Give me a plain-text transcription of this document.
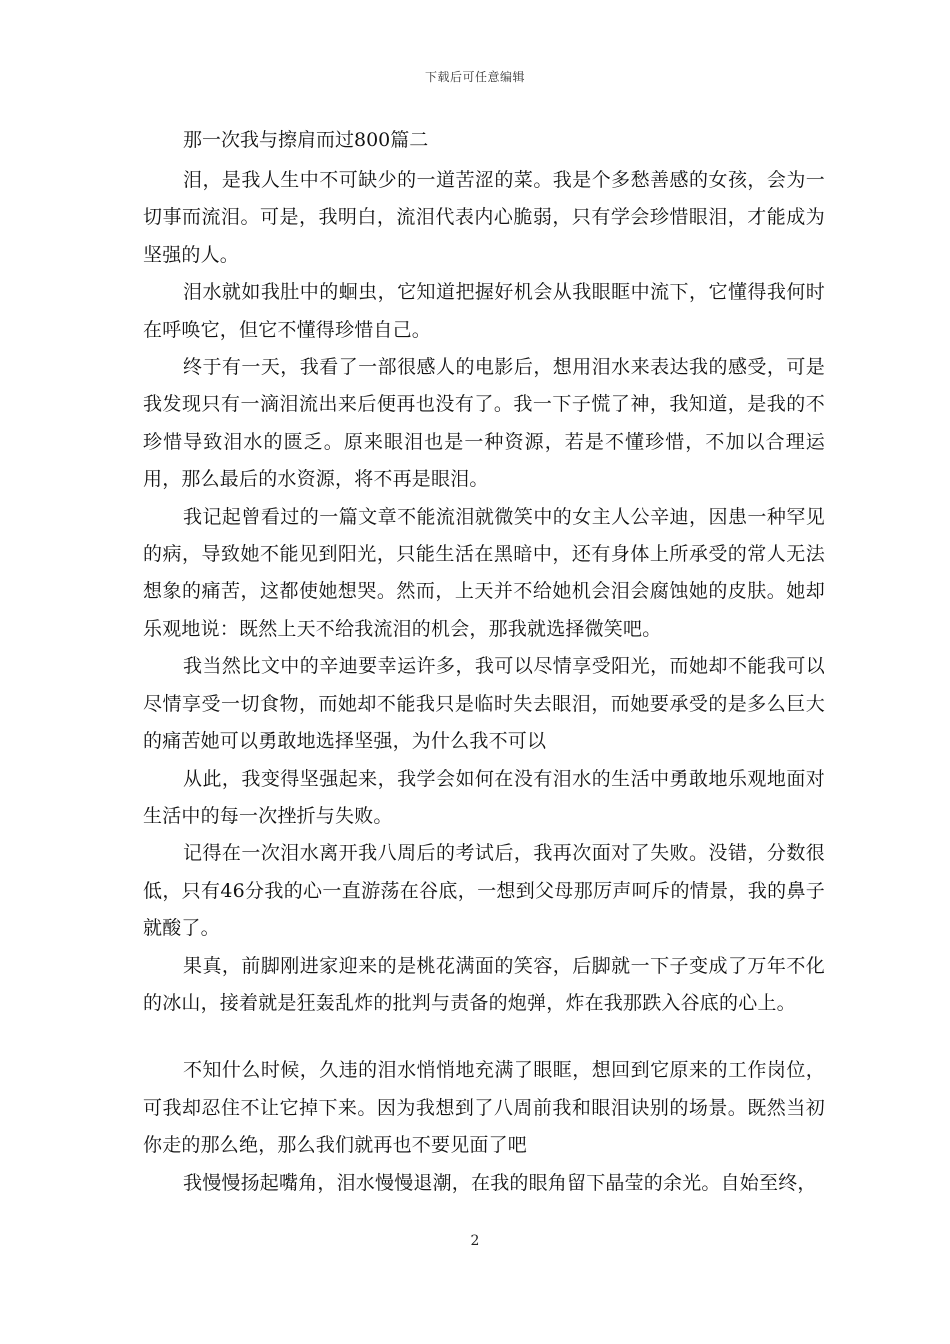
下载后可任意编辑
那一次我与擦肩而过800篇二

泪，是我人生中不可缺少的一道苦涩的菜。我是个多愁善感的女孩，会为一切事而流泪。可是，我明白，流泪代表内心脆弱，只有学会珍惜眼泪，才能成为坚强的人。

泪水就如我肚中的蛔虫，它知道把握好机会从我眼眶中流下，它懂得我何时在呼唤它，但它不懂得珍惜自己。

终于有一天，我看了一部很感人的电影后，想用泪水来表达我的感受，可是我发现只有一滴泪流出来后便再也没有了。我一下子慌了神，我知道，是我的不珍惜导致泪水的匮乏。原来眼泪也是一种资源，若是不懂珍惜，不加以合理运用，那么最后的水资源，将不再是眼泪。

我记起曾看过的一篇文章不能流泪就微笑中的女主人公辛迪，因患一种罕见的病，导致她不能见到阳光，只能生活在黑暗中，还有身体上所承受的常人无法想象的痛苦，这都使她想哭。然而，上天并不给她机会泪会腐蚀她的皮肤。她却乐观地说：既然上天不给我流泪的机会，那我就选择微笑吧。

我当然比文中的辛迪要幸运许多，我可以尽情享受阳光，而她却不能我可以尽情享受一切食物，而她却不能我只是临时失去眼泪，而她要承受的是多么巨大的痛苦她可以勇敢地选择坚强，为什么我不可以

从此，我变得坚强起来，我学会如何在没有泪水的生活中勇敢地乐观地面对生活中的每一次挫折与失败。

记得在一次泪水离开我八周后的考试后，我再次面对了失败。没错，分数很低，只有46分我的心一直游荡在谷底，一想到父母那厉声呵斥的情景，我的鼻子就酸了。

果真，前脚刚进家迎来的是桃花满面的笑容，后脚就一下子变成了万年不化的冰山，接着就是狂轰乱炸的批判与责备的炮弹，炸在我那跌入谷底的心上。

不知什么时候，久违的泪水悄悄地充满了眼眶，想回到它原来的工作岗位，可我却忍住不让它掉下来。因为我想到了八周前我和眼泪诀别的场景。既然当初你走的那么绝，那么我们就再也不要见面了吧

我慢慢扬起嘴角，泪水慢慢退潮，在我的眼角留下晶莹的余光。自始至终，

2
